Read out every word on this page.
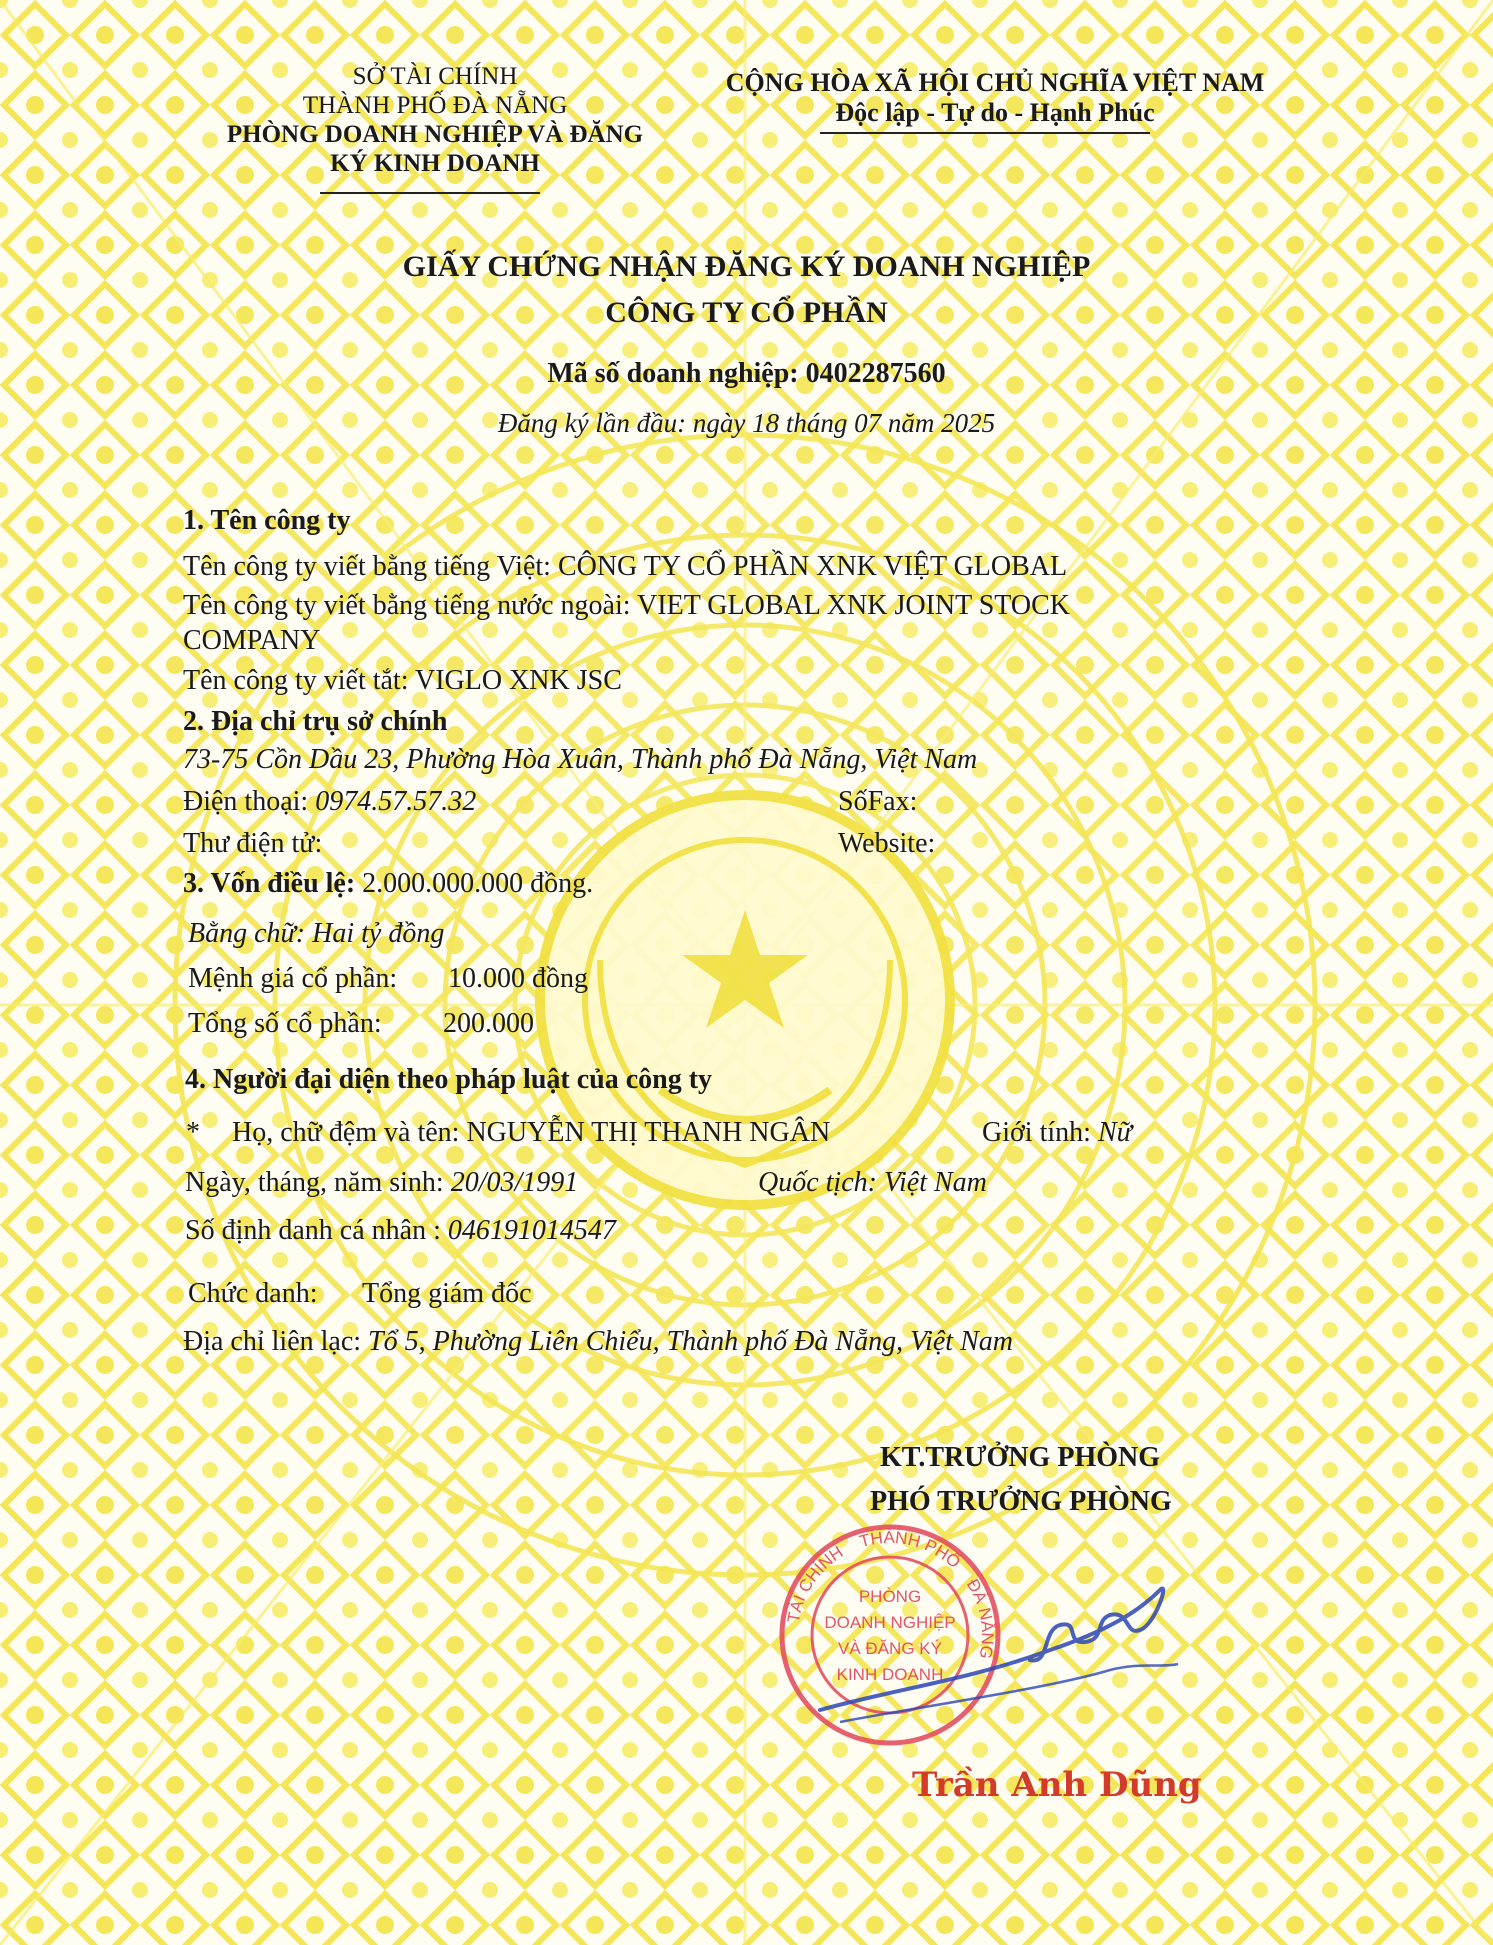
SỞ TÀI CHÍNH
THÀNH PHỐ ĐÀ NẴNG
PHÒNG DOANH NGHIỆP VÀ ĐĂNG
KÝ KINH DOANH
CỘNG HÒA XÃ HỘI CHỦ NGHĨA VIỆT NAM
Độc lập - Tự do - Hạnh Phúc
GIẤY CHỨNG NHẬN ĐĂNG KÝ DOANH NGHIỆP
CÔNG TY CỔ PHẦN
Mã số doanh nghiệp: 0402287560
Đăng ký lần đầu: ngày 18 tháng 07 năm 2025
1. Tên công ty
Tên công ty viết bằng tiếng Việt: CÔNG TY CỔ PHẦN XNK VIỆT GLOBAL
Tên công ty viết bằng tiếng nước ngoài: VIET GLOBAL XNK JOINT STOCK
COMPANY
Tên công ty viết tắt: VIGLO XNK JSC
2. Địa chỉ trụ sở chính
73-75 Cồn Dầu 23, Phường Hòa Xuân, Thành phố Đà Nẵng, Việt Nam
Điện thoại: 0974.57.57.32	SốFax:
Thư điện tử:	Website:
3. Vốn điều lệ: 2.000.000.000 đồng.
Bằng chữ: Hai tỷ đồng
Mệnh giá cổ phần: 10.000 đồng
Tổng số cổ phần: 200.000
4. Người đại diện theo pháp luật của công ty
* Họ, chữ đệm và tên: NGUYỄN THỊ THANH NGÂN	Giới tính: Nữ
Ngày, tháng, năm sinh: 20/03/1991	Quốc tịch: Việt Nam
Số định danh cá nhân : 046191014547
Chức danh: Tổng giám đốc
Địa chỉ liên lạc: Tổ 5, Phường Liên Chiểu, Thành phố Đà Nẵng, Việt Nam
KT.TRƯỞNG PHÒNG
PHÓ TRƯỞNG PHÒNG
TÀI CHÍNH THÀNH PHỐ ĐÀ NẴNG
PHÒNG
DOANH NGHIỆP
VÀ ĐĂNG KÝ
KINH DOANH
Trần Anh Dũng
